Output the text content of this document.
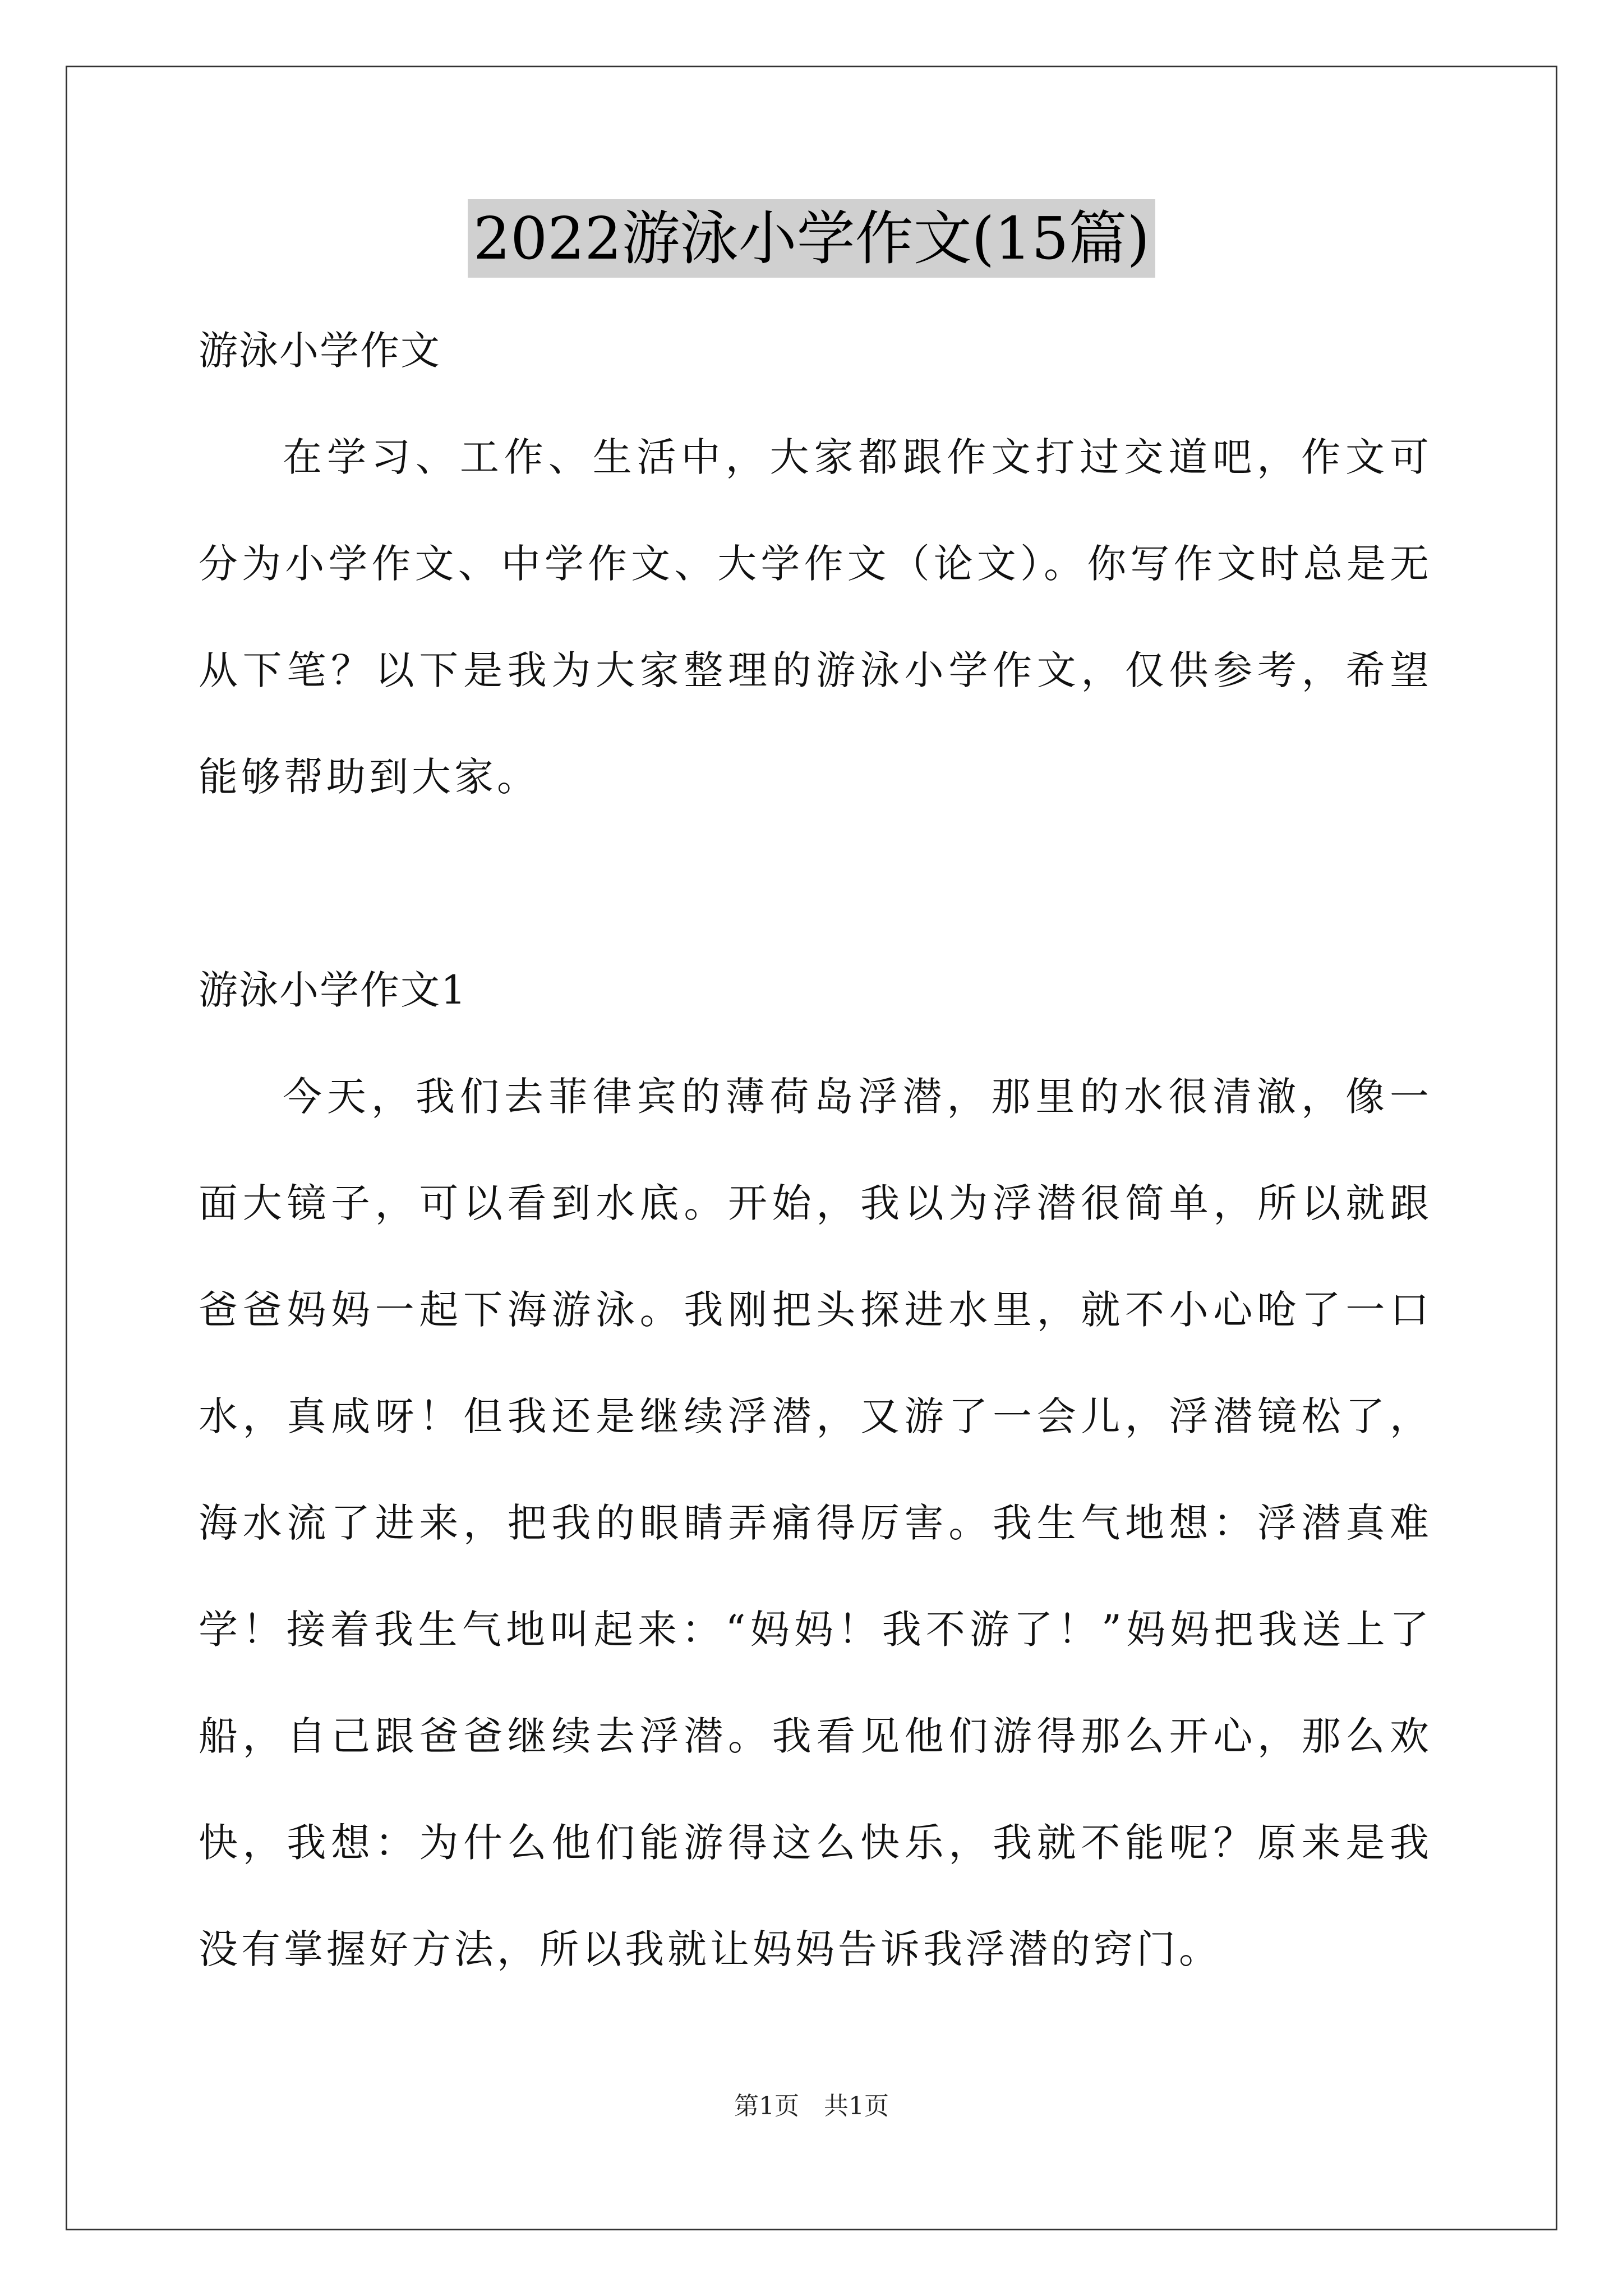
2022游泳小学作文(15篇)

游泳小学作文

在学习、工作、生活中，大家都跟作文打过交道吧，作文可分为小学作文、中学作文、大学作文（论文）。你写作文时总是无从下笔？以下是我为大家整理的游泳小学作文，仅供参考，希望能够帮助到大家。

游泳小学作文1

今天，我们去菲律宾的薄荷岛浮潜，那里的水很清澈，像一面大镜子，可以看到水底。开始，我以为浮潜很简单，所以就跟爸爸妈妈一起下海游泳。我刚把头探进水里，就不小心呛了一口水，真咸呀！但我还是继续浮潜，又游了一会儿，浮潜镜松了，海水流了进来，把我的眼睛弄痛得厉害。我生气地想：浮潜真难学！接着我生气地叫起来：“妈妈！我不游了！”妈妈把我送上了船，自己跟爸爸继续去浮潜。我看见他们游得那么开心，那么欢快，我想：为什么他们能游得这么快乐，我就不能呢？原来是我没有掌握好方法，所以我就让妈妈告诉我浮潜的窍门。

第1页　共1页
